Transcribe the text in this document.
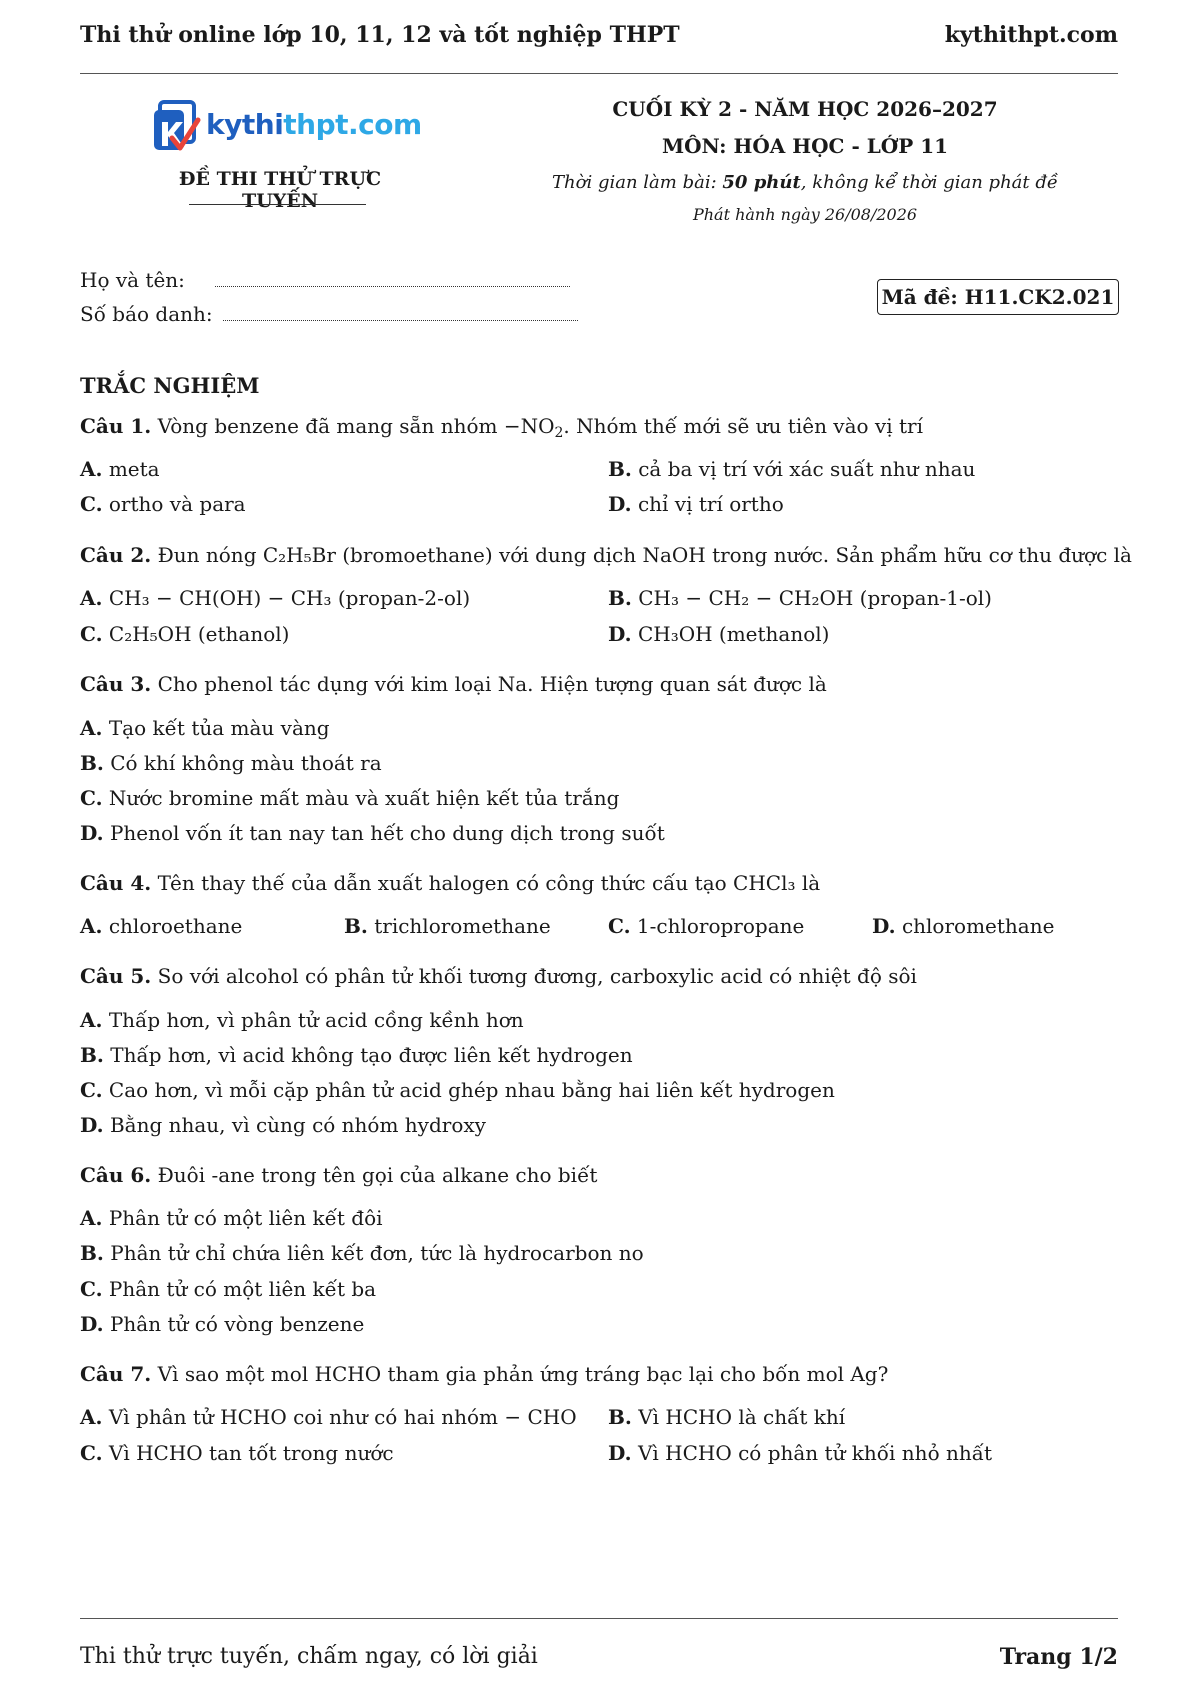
Thi thử online lớp 10, 11, 12 và tốt nghiệp THPT	kythithpt.com
kythithpt.com
ĐỀ THI THỬ TRỰC TUYẾN
CUỐI KỲ 2 - NĂM HỌC 2026–2027
MÔN: HÓA HỌC - LỚP 11
Thời gian làm bài: 50 phút, không kể thời gian phát đề
Phát hành ngày 26/08/2026
Họ và tên:
Số báo danh:
Mã đề: H11.CK2.021
TRẮC NGHIỆM
Câu 1. Vòng benzene đã mang sẵn nhóm $-NO_2$. Nhóm thế mới sẽ ưu tiên vào vị trí
A. meta	B. cả ba vị trí với xác suất như nhau
C. ortho và para	D. chỉ vị trí ortho
Câu 2. Đun nóng C₂H₅Br (bromoethane) với dung dịch NaOH trong nước. Sản phẩm hữu cơ thu được là
A. CH₃ − CH(OH) − CH₃ (propan-2-ol)	B. CH₃ − CH₂ − CH₂OH (propan-1-ol)
C. C₂H₅OH (ethanol)	D. CH₃OH (methanol)
Câu 3. Cho phenol tác dụng với kim loại Na. Hiện tượng quan sát được là
A. Tạo kết tủa màu vàng
B. Có khí không màu thoát ra
C. Nước bromine mất màu và xuất hiện kết tủa trắng
D. Phenol vốn ít tan nay tan hết cho dung dịch trong suốt
Câu 4. Tên thay thế của dẫn xuất halogen có công thức cấu tạo CHCl₃ là
A. chloroethane	B. trichloromethane	C. 1-chloropropane	D. chloromethane
Câu 5. So với alcohol có phân tử khối tương đương, carboxylic acid có nhiệt độ sôi
A. Thấp hơn, vì phân tử acid cồng kềnh hơn
B. Thấp hơn, vì acid không tạo được liên kết hydrogen
C. Cao hơn, vì mỗi cặp phân tử acid ghép nhau bằng hai liên kết hydrogen
D. Bằng nhau, vì cùng có nhóm hydroxy
Câu 6. Đuôi -ane trong tên gọi của alkane cho biết
A. Phân tử có một liên kết đôi
B. Phân tử chỉ chứa liên kết đơn, tức là hydrocarbon no
C. Phân tử có một liên kết ba
D. Phân tử có vòng benzene
Câu 7. Vì sao một mol HCHO tham gia phản ứng tráng bạc lại cho bốn mol Ag?
A. Vì phân tử HCHO coi như có hai nhóm − CHO B. Vì HCHO là chất khí
C. Vì HCHO tan tốt trong nước	D. Vì HCHO có phân tử khối nhỏ nhất
Thi thử trực tuyến, chấm ngay, có lời giải	Trang 1/2
